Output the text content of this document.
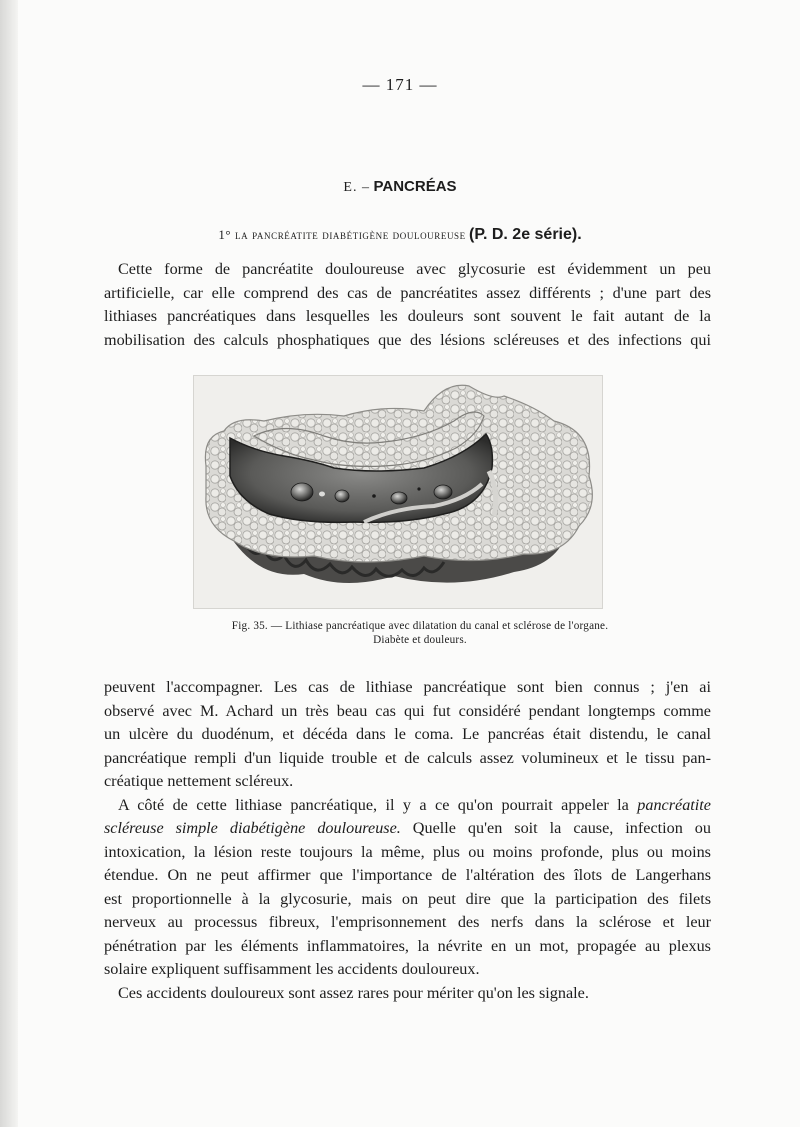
— 171 —
E. – PANCRÉAS
1° la pancréatite diabétigène douloureuse (P. D. 2e série).
Cette forme de pancréatite douloureuse avec glycosurie est évidemment un peu
artificielle, car elle comprend des cas de pancréatites assez différents ; d'une part des
lithiases pancréatiques dans lesquelles les douleurs sont souvent le fait autant de la
mobilisation des calculs phosphatiques que des lésions scléreuses et des infections qui
Fig. 35. — Lithiase pancréatique avec dilatation du canal et sclérose de l'organe.
Diabète et douleurs.
peuvent l'accompagner. Les cas de lithiase pancréatique sont bien connus ; j'en ai
observé avec M. Achard un très beau cas qui fut considéré pendant longtemps comme
un ulcère du duodénum, et décéda dans le coma. Le pancréas était distendu, le canal
pancréatique rempli d'un liquide trouble et de calculs assez volumineux et le tissu pan-
créatique nettement scléreux.
A côté de cette lithiase pancréatique, il y a ce qu'on pourrait appeler la pancréatite
scléreuse simple diabétigène douloureuse. Quelle qu'en soit la cause, infection ou
intoxication, la lésion reste toujours la même, plus ou moins profonde, plus ou moins
étendue. On ne peut affirmer que l'importance de l'altération des îlots de Langerhans
est proportionnelle à la glycosurie, mais on peut dire que la participation des filets
nerveux au processus fibreux, l'emprisonnement des nerfs dans la sclérose et leur
pénétration par les éléments inflammatoires, la névrite en un mot, propagée au plexus
solaire expliquent suffisamment les accidents douloureux.
Ces accidents douloureux sont assez rares pour mériter qu'on les signale.
